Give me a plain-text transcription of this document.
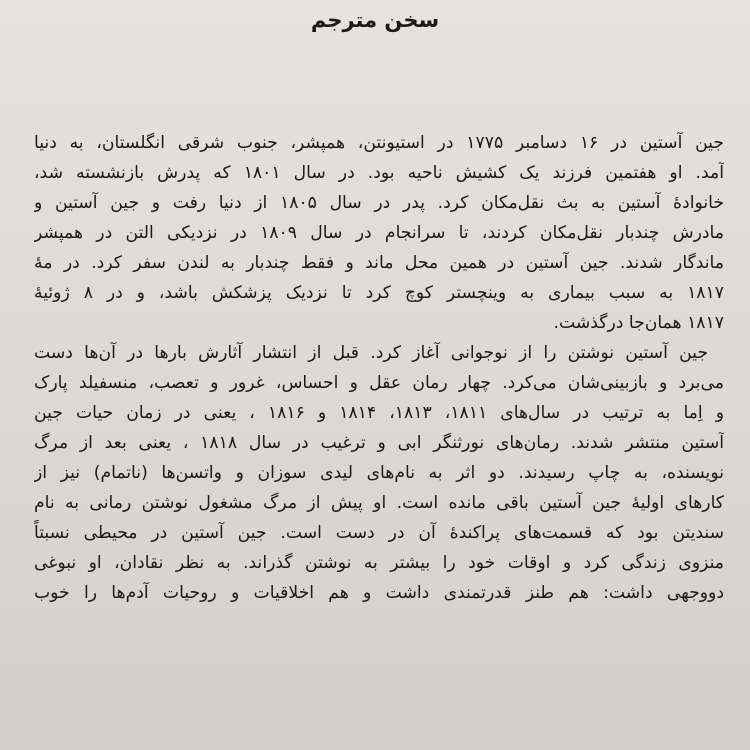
سخن مترجم
جین آستین در ۱۶ دسامبر ۱۷۷۵ در استیونتن، همپشر، جنوب شرقی انگلستان، به دنیا
آمد. او هفتمین فرزند یک کشیش ناحیه بود. در سال ۱۸۰۱ که پدرش بازنشسته شد،
خانوادهٔ آستین به بث نقل‌مکان کرد. پدر در سال ۱۸۰۵ از دنیا رفت و جین آستین و
مادرش چندبار نقل‌مکان کردند، تا سرانجام در سال ۱۸۰۹ در نزدیکی التن در همپشر
ماندگار شدند. جین آستین در همین محل ماند و فقط چندبار به لندن سفر کرد. در مهٔ
۱۸۱۷ به سبب بیماری به وینچستر کوچ کرد تا نزدیک پزشکش باشد، و در ۸ ژوئیهٔ
۱۸۱۷ همان‌جا درگذشت.
جین آستین نوشتن را از نوجوانی آغاز کرد. قبل از انتشار آثارش بارها در آن‌ها دست
می‌برد و بازبینی‌شان می‌کرد. چهار رمان عقل و احساس، غرور و تعصب، منسفیلد پارک
و اِما به ترتیب در سال‌های ۱۸۱۱، ۱۸۱۳، ۱۸۱۴ و ۱۸۱۶ ، یعنی در زمان حیات جین
آستین منتشر شدند. رمان‌های نورثنگر ابی و ترغیب در سال ۱۸۱۸ ، یعنی بعد از مرگ
نویسنده، به چاپ رسیدند. دو اثر به نام‌های لیدی سوزان و واتسن‌ها (ناتمام) نیز از
کارهای اولیهٔ جین آستین باقی مانده است. او پیش از مرگ مشغول نوشتن رمانی به نام
سندیتن بود که قسمت‌های پراکندهٔ آن در دست است. جین آستین در محیطی نسبتاً
منزوی زندگی کرد و اوقات خود را بیشتر به نوشتن گذراند. به نظر نقادان، او نبوغی
دووجهی داشت: هم طنز قدرتمندی داشت و هم اخلاقیات و روحیات آدم‌ها را خوب
